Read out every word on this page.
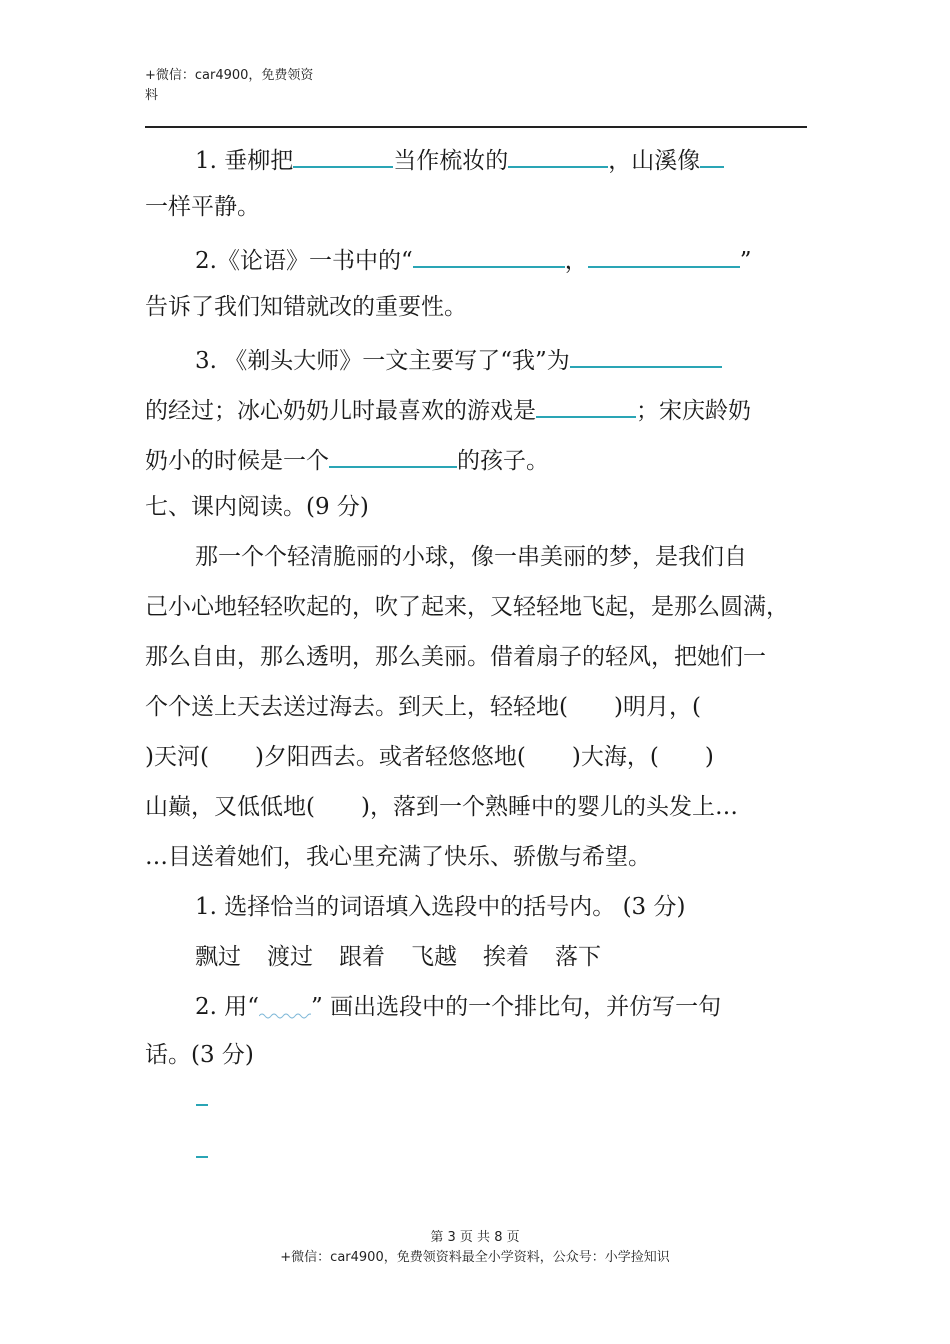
+微信：car4900，免费领资
料
1. 垂柳把	当作梳妆的	，山溪像
一样平静。
2.《论语》一书中的“	，	”
告诉了我们知错就改的重要性。
3. 《剃头大师》一文主要写了“我”为
的经过；冰心奶奶儿时最喜欢的游戏是	；宋庆龄奶
奶小的时候是一个	的孩子。
七、课内阅读。(9 分)
那一个个轻清脆丽的小球，像一串美丽的梦，是我们自
己小心地轻轻吹起的，吹了起来，又轻轻地飞起，是那么圆满，
那么自由，那么透明，那么美丽。借着扇子的轻风，把她们一
个个送上天去送过海去。到天上，轻轻地(　　)明月，(
)天河(　　)夕阳西去。或者轻悠悠地(　　)大海，(　　)
山巅，又低低地(　　)，落到一个熟睡中的婴儿的头发上…
…目送着她们，我心里充满了快乐、骄傲与希望。
1. 选择恰当的词语填入选段中的括号内。 (3 分)
飘过 渡过 跟着 飞越 挨着 落下
2. 用“ ” 画出选段中的一个排比句，并仿写一句
话。(3 分)
第 3 页 共 8 页
+微信：car4900，免费领资料最全小学资料，公众号：小学捡知识
